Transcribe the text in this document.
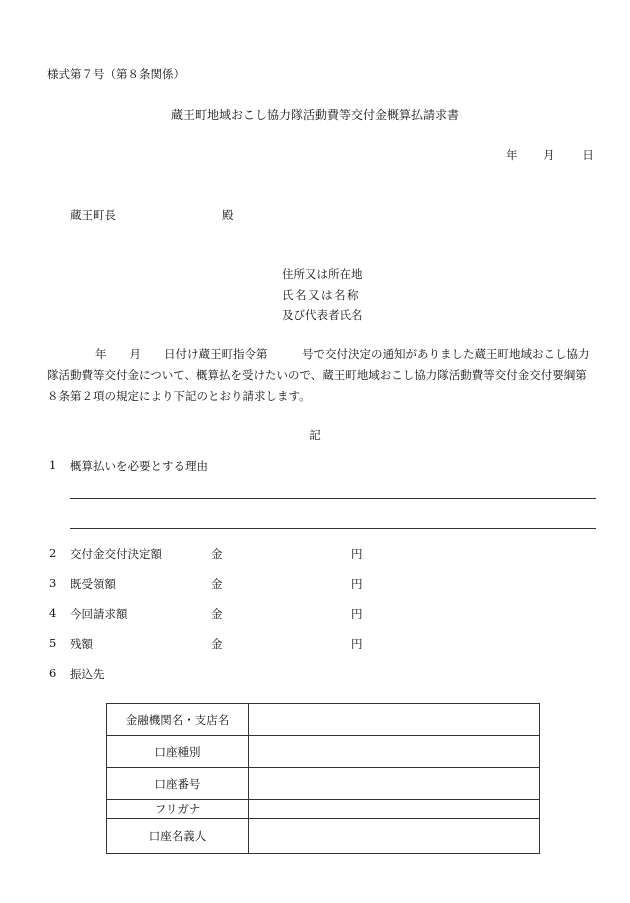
様式第７号（第８条関係）
蔵王町地域おこし協力隊活動費等交付金概算払請求書
年 月 日
蔵王町長	殿
住所又は所在地
氏名又は名称
及び代表者氏名
年　　月　　日付け蔵王町指令第　　　号で交付決定の通知がありました蔵王町地域おこし協力
隊活動費等交付金について、概算払を受けたいので、蔵王町地域おこし協力隊活動費等交付金交付要綱第
８条第２項の規定により下記のとおり請求します。
記
1 概算払いを必要とする理由
2 交付金交付決定額	金	円
3 既受領額	金	円
4 今回請求額	金	円
5 残額	金	円
6 振込先
金融機関名・支店名	
口座種別	
口座番号	
フリガナ	
口座名義人	
